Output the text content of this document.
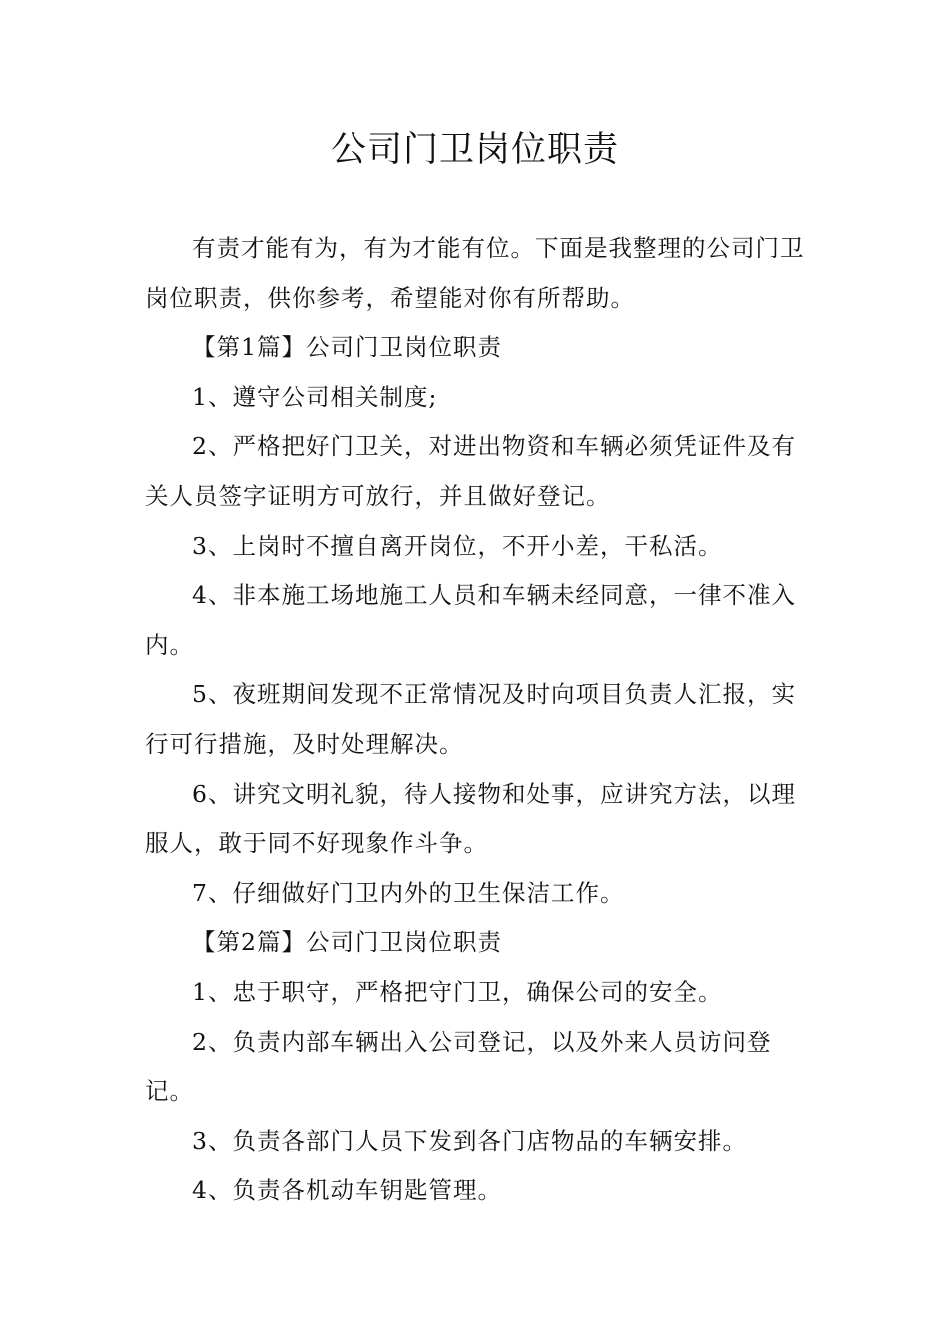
公司门卫岗位职责

有责才能有为，有为才能有位。下面是我整理的公司门卫岗位职责，供你参考，希望能对你有所帮助。

【第1篇】公司门卫岗位职责

1、遵守公司相关制度;

2、严格把好门卫关，对进出物资和车辆必须凭证件及有关人员签字证明方可放行，并且做好登记。

3、上岗时不擅自离开岗位，不开小差，干私活。

4、非本施工场地施工人员和车辆未经同意，一律不准入内。

5、夜班期间发现不正常情况及时向项目负责人汇报，实行可行措施，及时处理解决。

6、讲究文明礼貌，待人接物和处事，应讲究方法，以理服人，敢于同不好现象作斗争。

7、仔细做好门卫内外的卫生保洁工作。

【第2篇】公司门卫岗位职责

1、忠于职守，严格把守门卫，确保公司的安全。

2、负责内部车辆出入公司登记，以及外来人员访问登记。

3、负责各部门人员下发到各门店物品的车辆安排。

4、负责各机动车钥匙管理。
